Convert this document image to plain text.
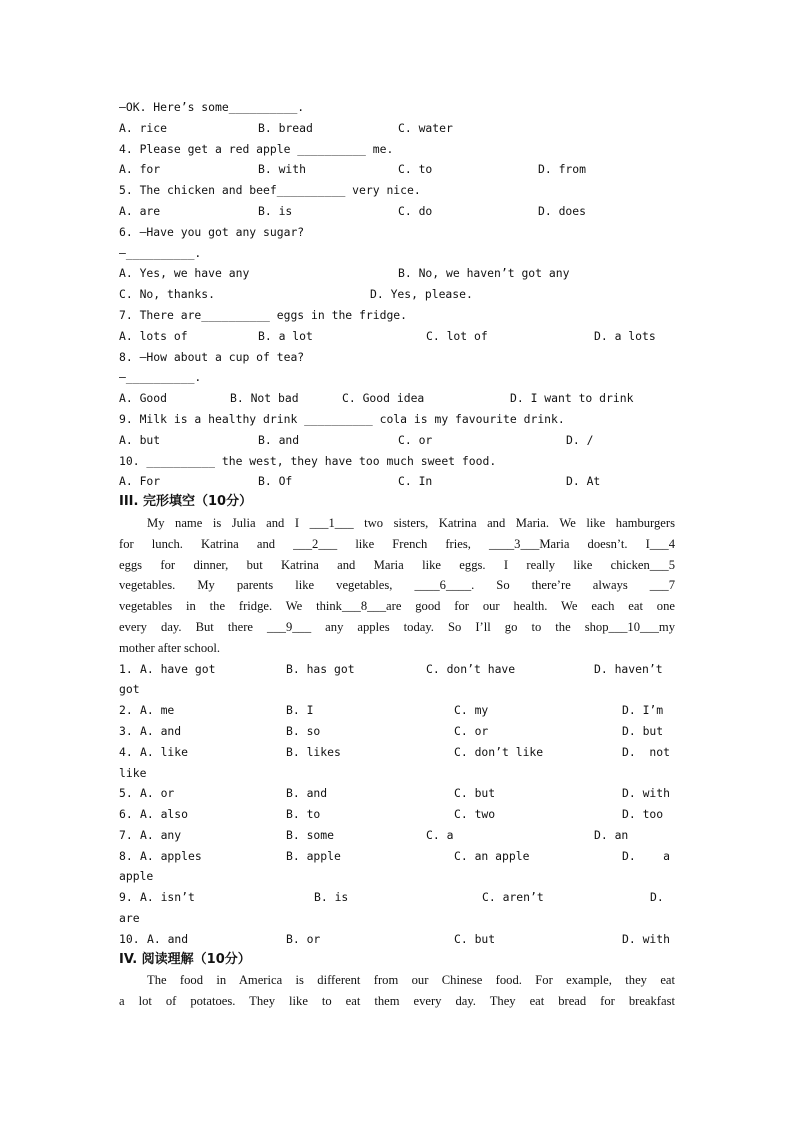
—OK. Here’s some__________.

A. rice

	B. bread

	C. water

4. Please get a red apple __________ me.

A. for

	B. with

	C. to

	D. from

5. The chicken and beef__________ very nice.

A. are

	B. is

	C. do

	D. does

6. —Have you got any sugar?
—__________.

A. Yes, we have any

	B. No, we haven’t got any

C. No, thanks.

	D. Yes, please.

7. There are__________ eggs in the fridge.

A. lots of

	B. a lot

	C. lot of

	D. a lots

8. —How about a cup of tea?
—__________.

A. Good

	B. Not bad

	C. Good idea

	D. I want to drink

9. Milk is a healthy drink __________ cola is my favourite drink.

A. but

	B. and

	C. or

	D. /

10. __________ the west, they have too much sweet food.

A. For

	B. Of

	C. In

	D. At

III. 完形填空（10分）
My name is Julia and I ___1___ two sisters, Katrina and Maria. We like hamburgers
for lunch. Katrina and ___2___ like French fries, ____3___Maria doesn’t. I___4
eggs for dinner, but Katrina and Maria like eggs. I really like chicken___5
vegetables. My parents like vegetables, ____6____. So there’re always ___7
vegetables in the fridge. We think___8___are good for our health. We each eat one
every day. But there ___9___ any apples today. So I’ll go to the shop___10___my
mother after school.

1.

A. have got

	B. has got

	C. don’t have

	D. haven’t

got

2.

A. me

	B. I

	C. my

	D. I’m

3.

A. and

	B. so

	C. or

	D. but

4.

A. like

	B. likes

	C. don’t like

	D.  not

like

5.

A. or

	B. and

	C. but

	D. with

6.

A. also

	B. to

	C. two

	D. too

7.

A. any

	B. some

	C. a

	D. an

8.

A. apples

	B. apple

	C. an apple

	D.    a

apple

9.

A. isn’t

	B. is

	C. aren’t

	D.

are

10.

A. and

	B. or

	C. but

	D. with

IV. 阅读理解（10分）
The food in America is different from our Chinese food. For example, they eat
a lot of potatoes. They like to eat them every day. They eat bread for breakfast
